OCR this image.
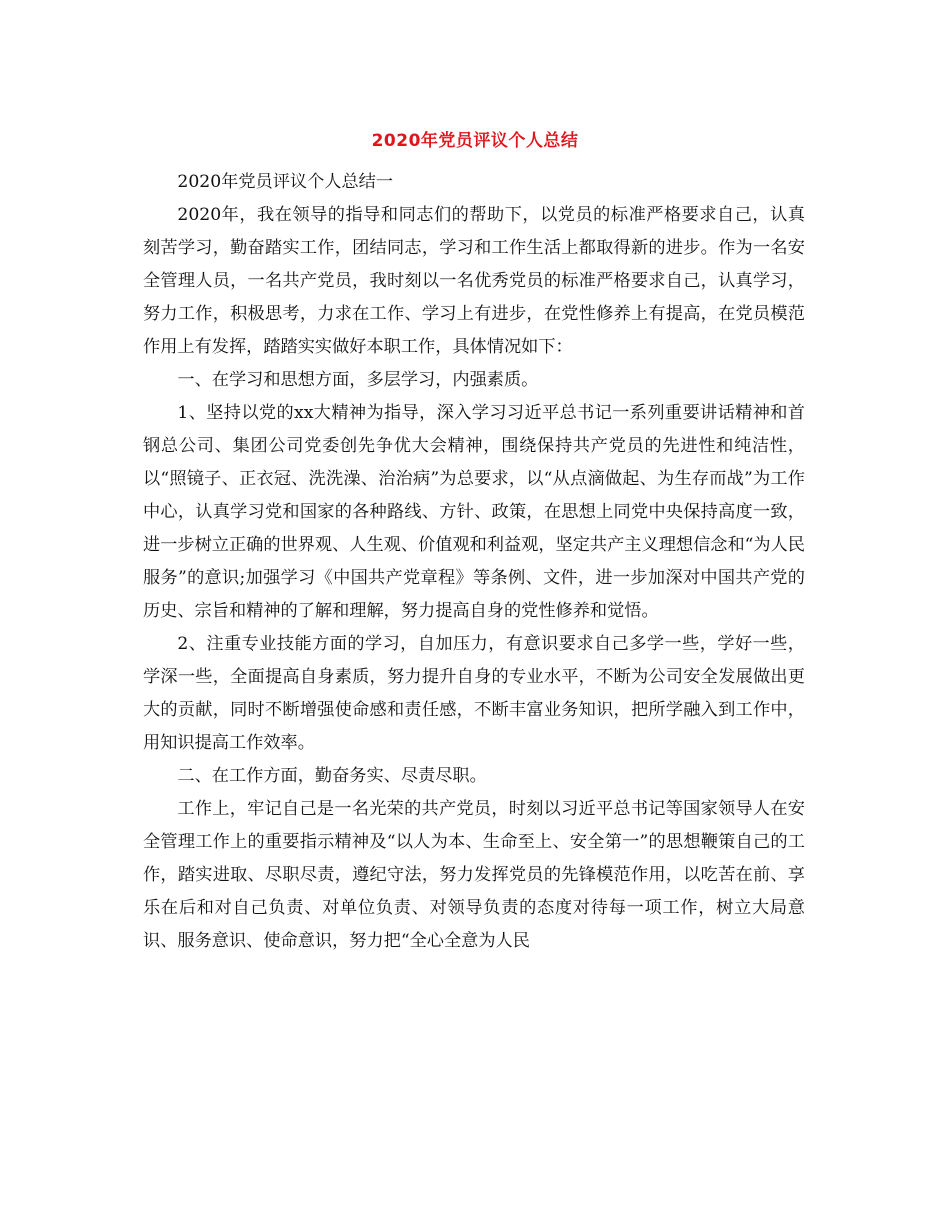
2020年党员评议个人总结

2020年党员评议个人总结一

2020年，我在领导的指导和同志们的帮助下，以党员的标准严格要求自己，认真刻苦学习，勤奋踏实工作，团结同志，学习和工作生活上都取得新的进步。作为一名安全管理人员，一名共产党员，我时刻以一名优秀党员的标准严格要求自己，认真学习，努力工作，积极思考，力求在工作、学习上有进步，在党性修养上有提高，在党员模范作用上有发挥，踏踏实实做好本职工作，具体情况如下：

一、在学习和思想方面，多层学习，内强素质。

1、坚持以党的xx大精神为指导，深入学习习近平总书记一系列重要讲话精神和首钢总公司、集团公司党委创先争优大会精神，围绕保持共产党员的先进性和纯洁性，以“照镜子、正衣冠、洗洗澡、治治病”为总要求，以“从点滴做起、为生存而战”为工作中心，认真学习党和国家的各种路线、方针、政策，在思想上同党中央保持高度一致，进一步树立正确的世界观、人生观、价值观和利益观，坚定共产主义理想信念和“为人民服务”的意识;加强学习《中国共产党章程》等条例、文件，进一步加深对中国共产党的历史、宗旨和精神的了解和理解，努力提高自身的党性修养和觉悟。

2、注重专业技能方面的学习，自加压力，有意识要求自己多学一些，学好一些，学深一些，全面提高自身素质，努力提升自身的专业水平，不断为公司安全发展做出更大的贡献，同时不断增强使命感和责任感，不断丰富业务知识，把所学融入到工作中，用知识提高工作效率。

二、在工作方面，勤奋务实、尽责尽职。

工作上，牢记自己是一名光荣的共产党员，时刻以习近平总书记等国家领导人在安全管理工作上的重要指示精神及“以人为本、生命至上、安全第一”的思想鞭策自己的工作，踏实进取、尽职尽责，遵纪守法，努力发挥党员的先锋模范作用，以吃苦在前、享乐在后和对自己负责、对单位负责、对领导负责的态度对待每一项工作，树立大局意识、服务意识、使命意识，努力把“全心全意为人民
